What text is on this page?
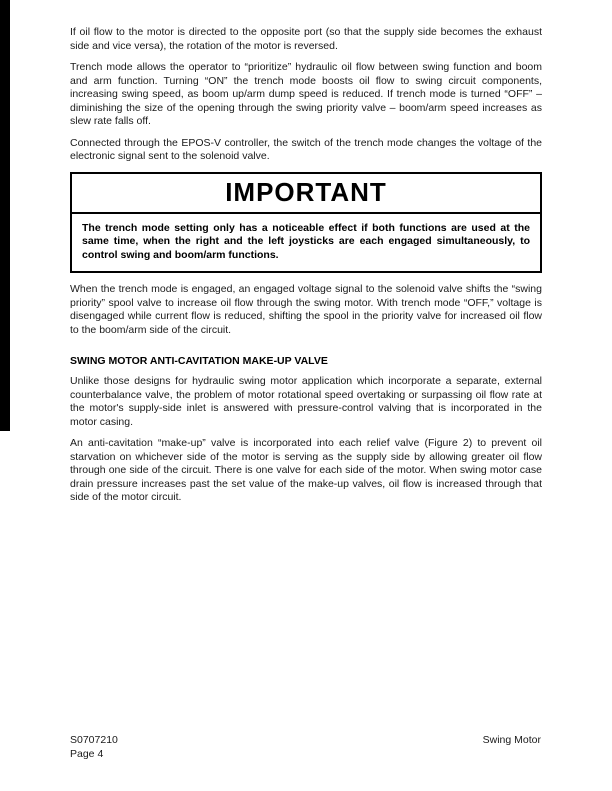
If oil flow to the motor is directed to the opposite port (so that the supply side becomes the exhaust side and vice versa), the rotation of the motor is reversed.

Trench mode allows the operator to “prioritize” hydraulic oil flow between swing function and boom and arm function. Turning “ON” the trench mode boosts oil flow to swing circuit components, increasing swing speed, as boom up/arm dump speed is reduced. If trench mode is turned “OFF” – diminishing the size of the opening through the swing priority valve – boom/arm speed increases as slew rate falls off.

Connected through the EPOS-V controller, the switch of the trench mode changes the voltage of the electronic signal sent to the solenoid valve.

IMPORTANT
The trench mode setting only has a noticeable effect if both functions are used at the same time, when the right and the left joysticks are each engaged simultaneously, to control swing and boom/arm functions.

When the trench mode is engaged, an engaged voltage signal to the solenoid valve shifts the “swing priority” spool valve to increase oil flow through the swing motor. With trench mode “OFF,” voltage is disengaged while current flow is reduced, shifting the spool in the priority valve for increased oil flow to the boom/arm side of the circuit.

SWING MOTOR ANTI-CAVITATION MAKE-UP VALVE

Unlike those designs for hydraulic swing motor application which incorporate a separate, external counterbalance valve, the problem of motor rotational speed overtaking or surpassing oil flow rate at the motor's supply-side inlet is answered with pressure-control valving that is incorporated in the motor casing.

An anti-cavitation “make-up” valve is incorporated into each relief valve (Figure 2) to prevent oil starvation on whichever side of the motor is serving as the supply side by allowing greater oil flow through one side of the circuit. There is one valve for each side of the motor. When swing motor case drain pressure increases past the set value of the make-up valves, oil flow is increased through that side of the motor circuit.

S0707210
Page 4
Swing Motor
